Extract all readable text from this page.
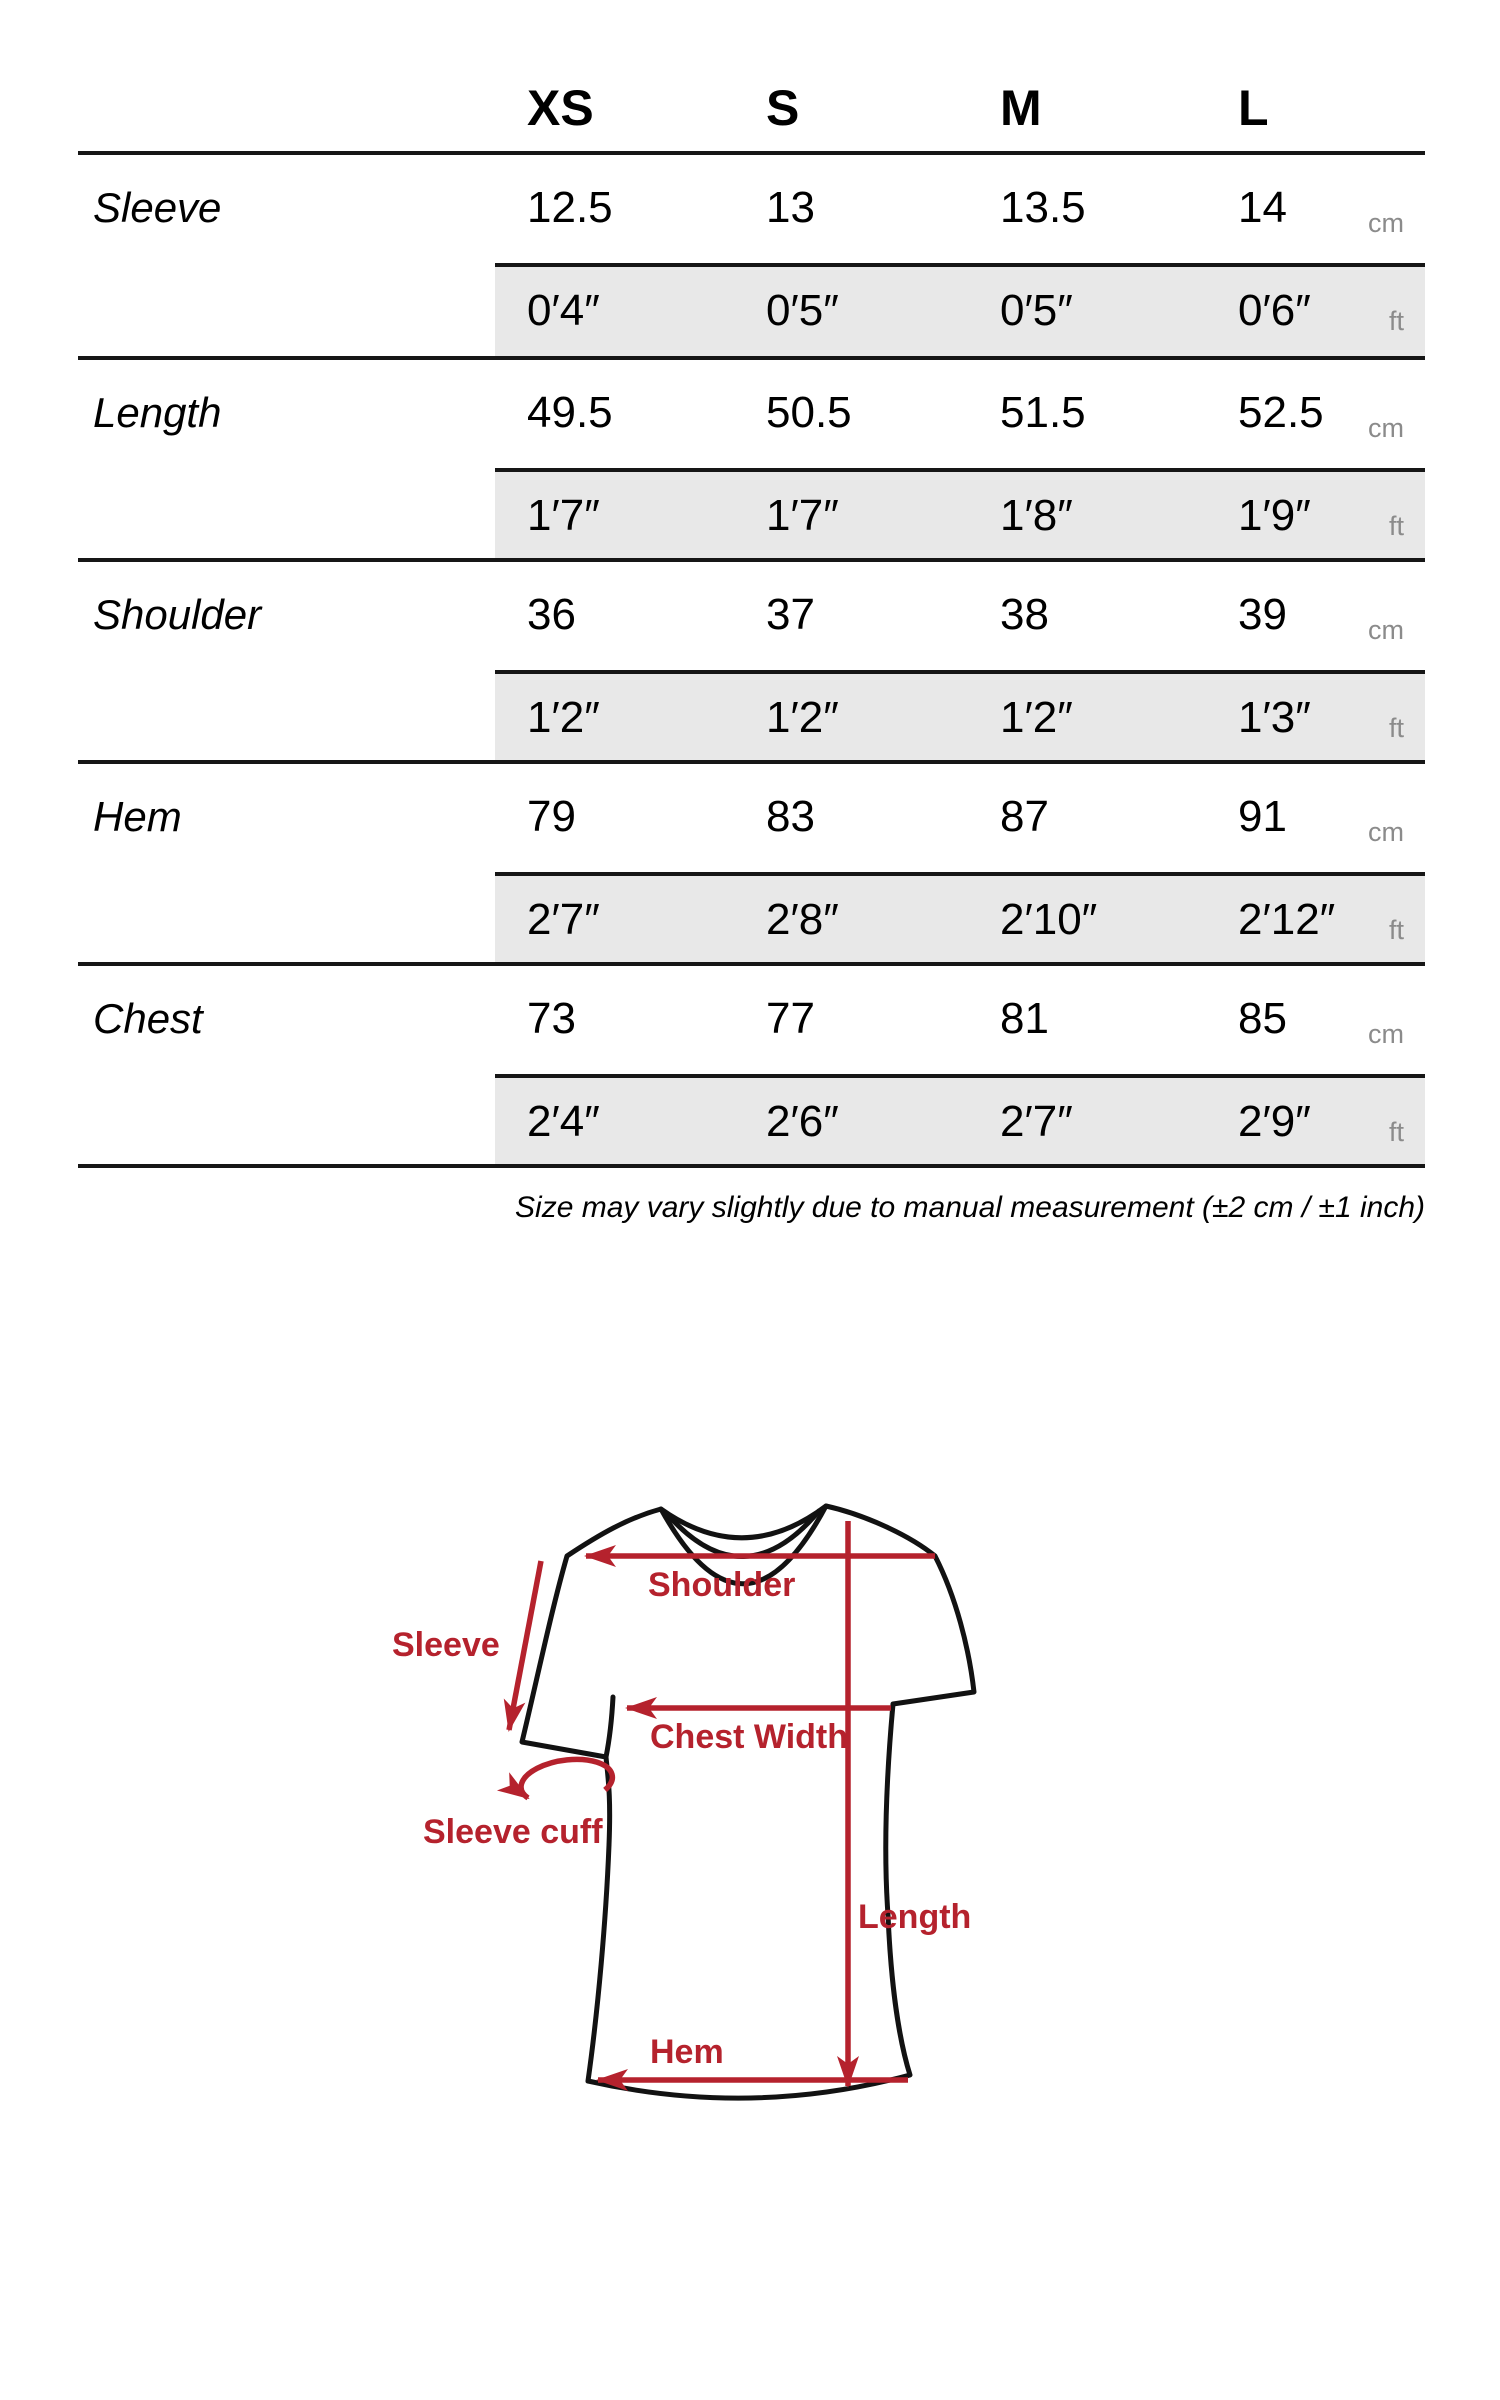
XS	S	M	L
Sleeve	12.5	13	13.5	14	cm
0′4″	0′5″	0′5″	0′6″	ft
Length	49.5	50.5	51.5	52.5	cm
1′7″	1′7″	1′8″	1′9″	ft
Shoulder	36	37	38	39	cm
1′2″	1′2″	1′2″	1′3″	ft
Hem	79	83	87	91	cm
2′7″	2′8″	2′10″	2′12″	ft
Chest	73	77	81	85	cm
2′4″	2′6″	2′7″	2′9″	ft
Size may vary slightly due to manual measurement (±2 cm / ±1 inch)
Shoulder
Sleeve
Chest Width
Sleeve cuff
Length
Hem
